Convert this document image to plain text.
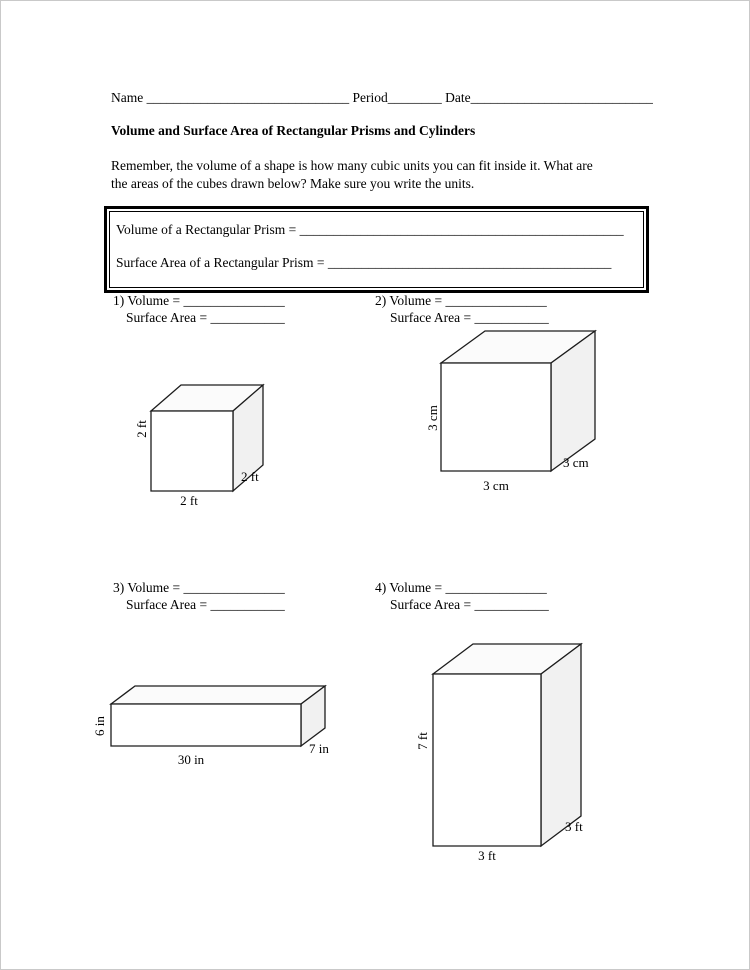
Name ______________________________ Period________ Date___________________________
Volume and Surface Area of Rectangular Prisms and Cylinders
Remember, the volume of a shape is how many cubic units you can fit inside it. What are
the areas of the cubes drawn below? Make sure you write the units.
Volume of a Rectangular Prism = ________________________________________________
Surface Area of a Rectangular Prism = __________________________________________
1) Volume = _______________
Surface Area = ___________
2) Volume = _______________
Surface Area = ___________
2 ft
2 ft
2 ft
3 cm
3 cm
3 cm
3) Volume = _______________
Surface Area = ___________
4) Volume = _______________
Surface Area = ___________
6 in
30 in
7 in	7 ft
3 ft
3 ft
